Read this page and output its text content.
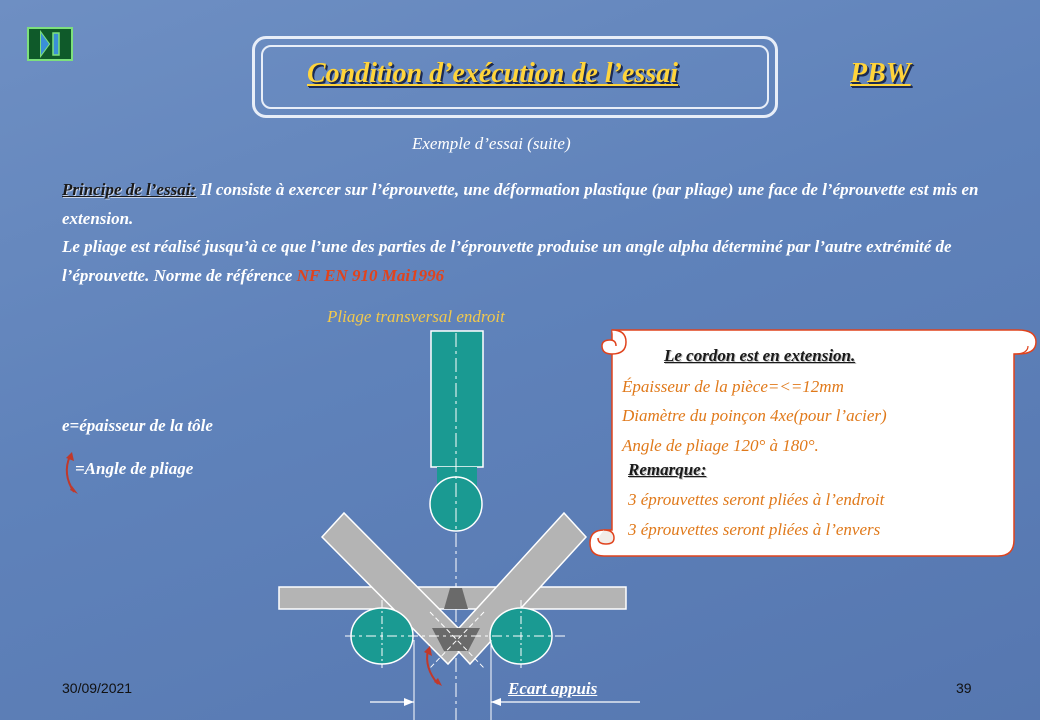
Condition d’exécution de l’essai	PBW
Exemple d’essai (suite)
Principe de l’essai: Il consiste à exercer sur l’éprouvette, une déformation plastique (par pliage) une face de l’éprouvette est mis en extension.
Le pliage est réalisé jusqu’à ce que l’une des parties de l’éprouvette produise un angle alpha déterminé par l’autre extrémité de l’éprouvette. Norme de référence NF EN 910 Mai1996
Pliage transversal endroit
e=épaisseur de la tôle
=Angle de pliage
Le cordon est en extension.
Épaisseur de la pièce=<=12mm
Diamètre du poinçon 4xe(pour l’acier)
Angle de pliage 120° à 180°.
Remarque:
3 éprouvettes seront pliées à l’endroit
3 éprouvettes seront pliées à l’envers
Ecart appuis
30/09/2021	39
